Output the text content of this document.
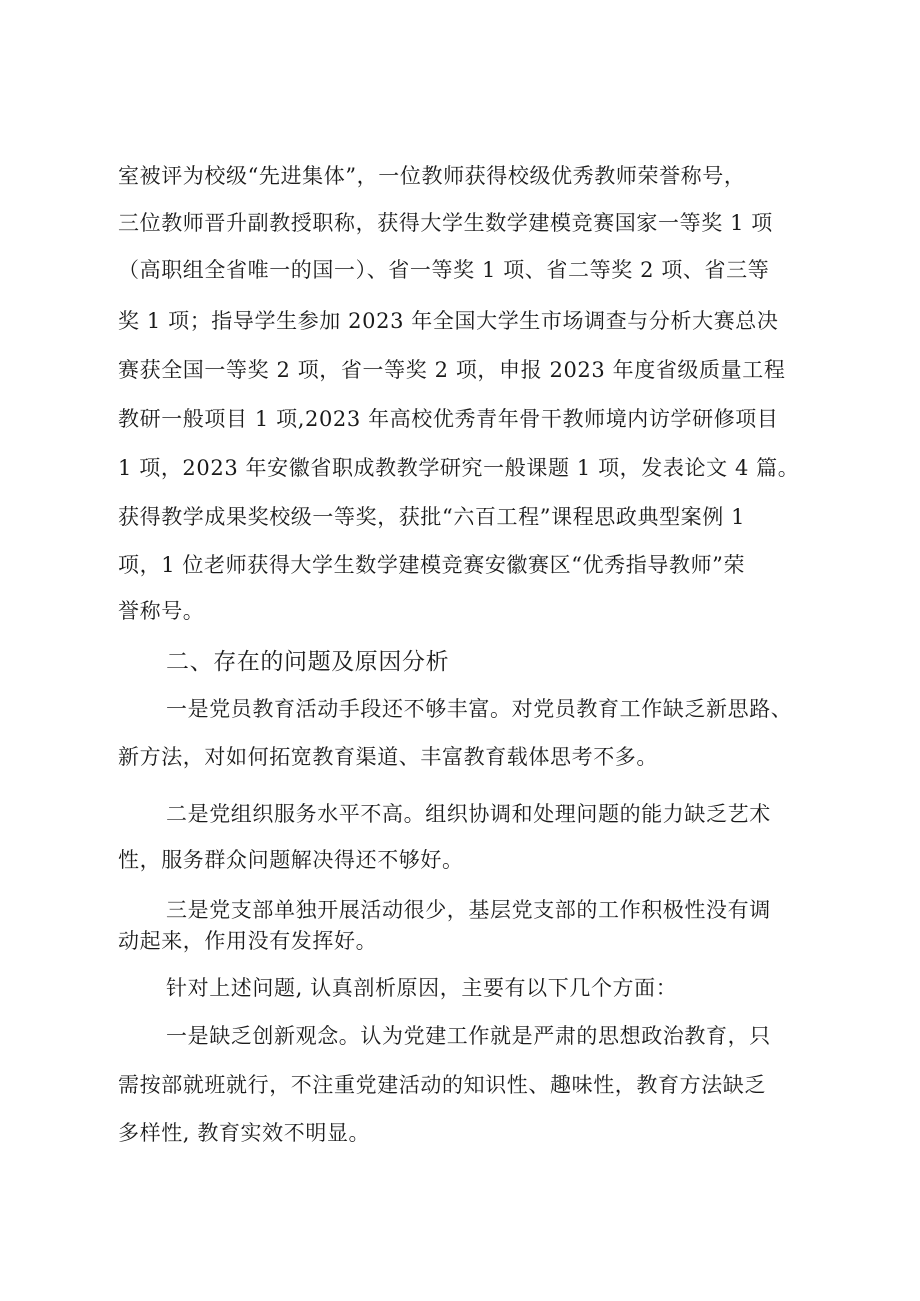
室被评为校级“先进集体”，一位教师获得校级优秀教师荣誉称号，
三位教师晋升副教授职称，获得大学生数学建模竞赛国家一等奖 1 项
（高职组全省唯一的国一）、省一等奖 1 项、省二等奖 2 项、省三等
奖 1 项；指导学生参加 2023 年全国大学生市场调查与分析大赛总决
赛获全国一等奖 2 项，省一等奖 2 项，申报 2023 年度省级质量工程
教研一般项目 1 项,2023 年高校优秀青年骨干教师境内访学研修项目
1 项，2023 年安徽省职成教教学研究一般课题 1 项，发表论文 4 篇。
获得教学成果奖校级一等奖，获批“六百工程”课程思政典型案例 1
项，1 位老师获得大学生数学建模竞赛安徽赛区“优秀指导教师”荣
誉称号。
二、存在的问题及原因分析
一是党员教育活动手段还不够丰富。对党员教育工作缺乏新思路、
新方法，对如何拓宽教育渠道、丰富教育载体思考不多。
二是党组织服务水平不高。组织协调和处理问题的能力缺乏艺术
性，服务群众问题解决得还不够好。
三是党支部单独开展活动很少，基层党支部的工作积极性没有调
动起来，作用没有发挥好。
针对上述问题, 认真剖析原因，主要有以下几个方面：
一是缺乏创新观念。认为党建工作就是严肃的思想政治教育，只
需按部就班就行，不注重党建活动的知识性、趣味性，教育方法缺乏
多样性, 教育实效不明显。
